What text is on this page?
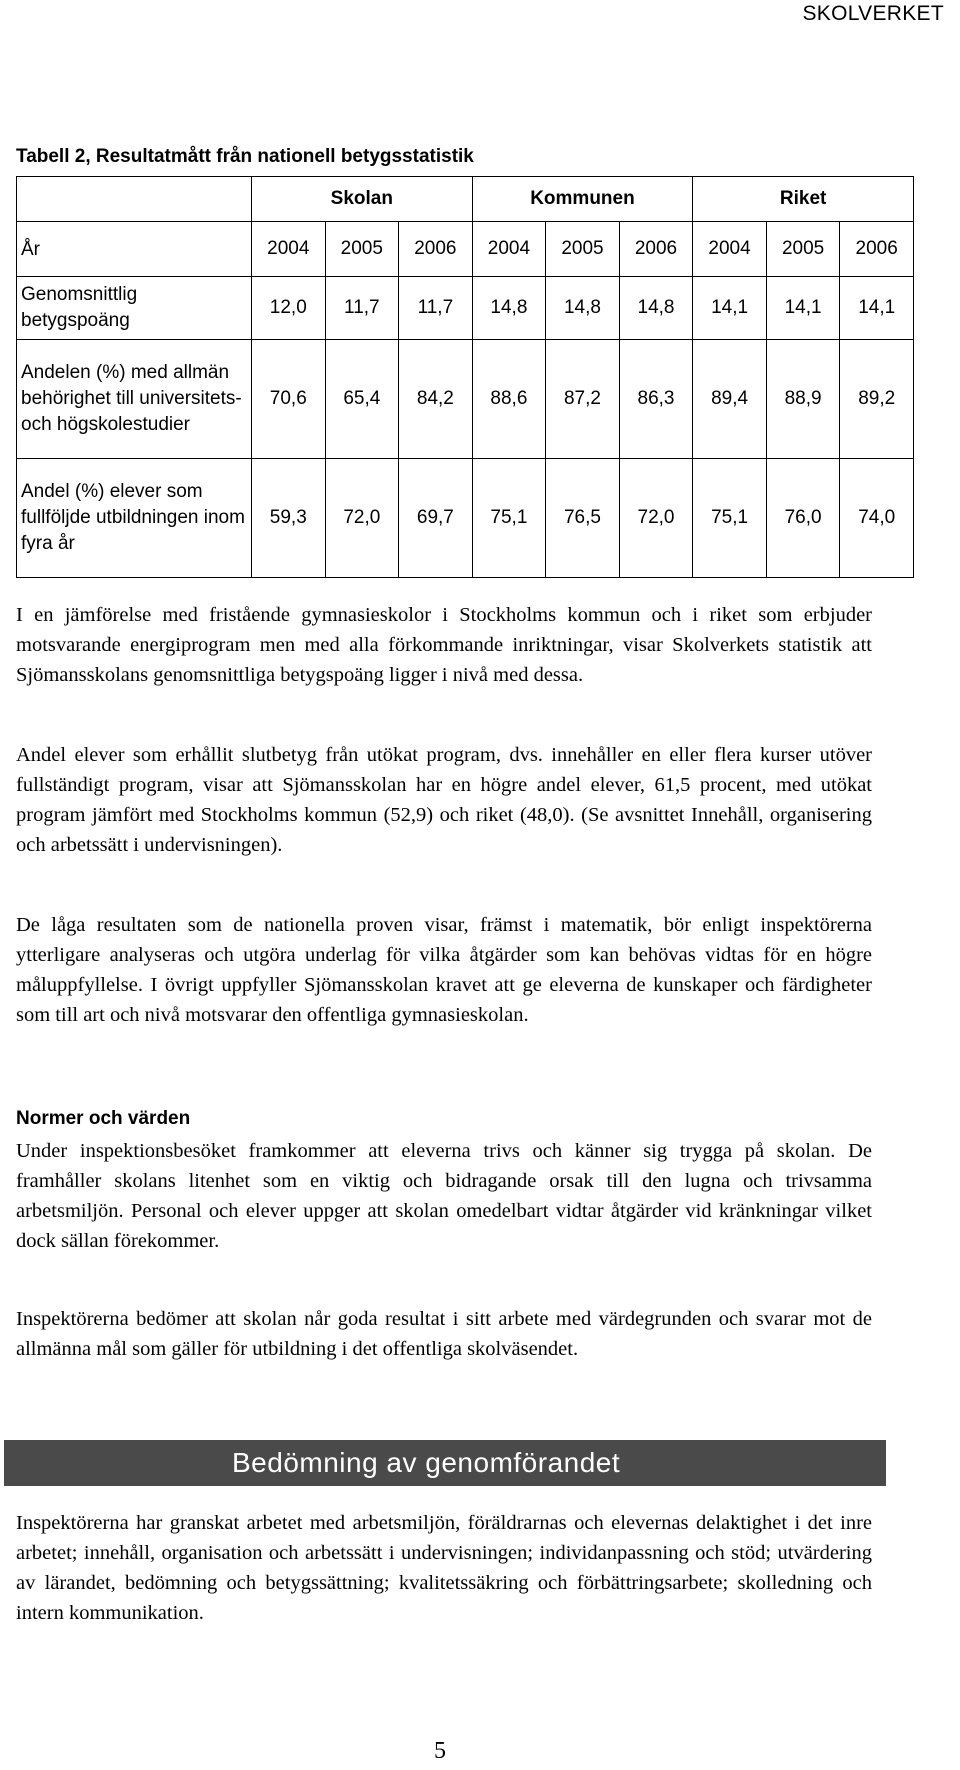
SKOLVERKET
Tabell 2, Resultatmått från nationell betygsstatistik
	Skolan			Kommunen			Riket		
År	2004	2005	2006	2004	2005	2006	2004	2005	2006
Genomsnittlig betygspoäng	12,0	11,7	11,7	14,8	14,8	14,8	14,1	14,1	14,1
Andelen (%) med allmän behörighet till universitets- och högskolestudier	70,6	65,4	84,2	88,6	87,2	86,3	89,4	88,9	89,2
Andel (%) elever som fullföljde utbildningen inom fyra år	59,3	72,0	69,7	75,1	76,5	72,0	75,1	76,0	74,0
I en jämförelse med fristående gymnasieskolor i Stockholms kommun och i riket som erbjuder motsvarande energiprogram men med alla förkommande inriktningar, visar Skolverkets statistik att Sjömansskolans genomsnittliga betygspoäng ligger i nivå med dessa.
Andel elever som erhållit slutbetyg från utökat program, dvs. innehåller en eller flera kurser utöver fullständigt program, visar att Sjömansskolan har en högre andel elever, 61,5 procent, med utökat program jämfört med Stockholms kommun (52,9) och riket (48,0). (Se avsnittet Innehåll, organisering och arbetssätt i undervisningen).
De låga resultaten som de nationella proven visar, främst i matematik, bör enligt inspektörerna ytterligare analyseras och utgöra underlag för vilka åtgärder som kan behövas vidtas för en högre måluppfyllelse. I övrigt uppfyller Sjömansskolan kravet att ge eleverna de kunskaper och färdigheter som till art och nivå motsvarar den offentliga gymnasieskolan.
Normer och värden
Under inspektionsbesöket framkommer att eleverna trivs och känner sig trygga på skolan. De framhåller skolans litenhet som en viktig och bidragande orsak till den lugna och trivsamma arbetsmiljön. Personal och elever uppger att skolan omedelbart vidtar åtgärder vid kränkningar vilket dock sällan förekommer.
Inspektörerna bedömer att skolan når goda resultat i sitt arbete med värdegrunden och svarar mot de allmänna mål som gäller för utbildning i det offentliga skolväsendet.
Bedömning av genomförandet
Inspektörerna har granskat arbetet med arbetsmiljön, föräldrarnas och elevernas delaktighet i det inre arbetet; innehåll, organisation och arbetssätt i undervisningen; individanpassning och stöd; utvärdering av lärandet, bedömning och betygssättning; kvalitetssäkring och förbättringsarbete; skolledning och intern kommunikation.
5
